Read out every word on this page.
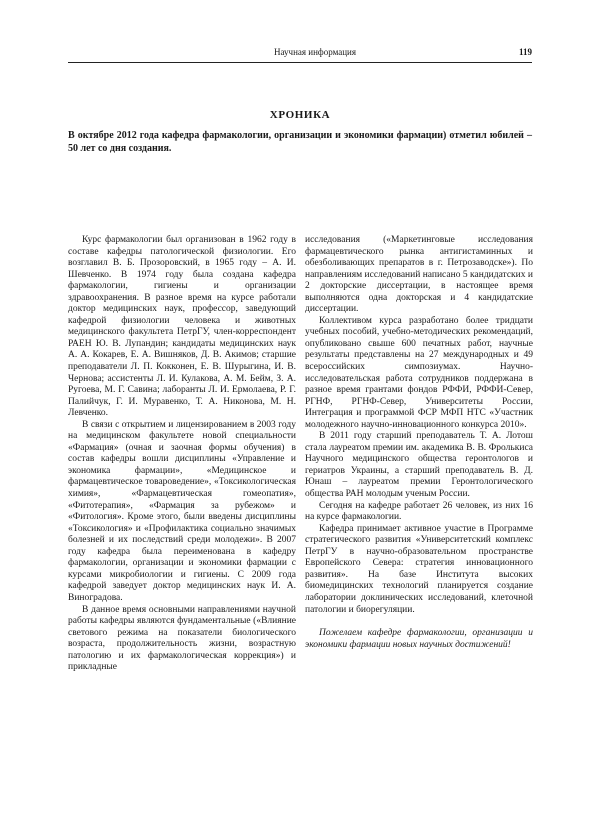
Научная информация	119
ХРОНИКА
В октябре 2012 года кафедра фармакологии, организации и экономики фармации) отметил юбилей – 50 лет со дня создания.

Курс фармакологии был организован в 1962 году в составе кафедры патологической физиологии. Его возглавил В. Б. Прозоровский, в 1965 году – А. И. Шевченко. В 1974 году была создана кафедра фармакологии, гигиены и организации здравоохранения. В разное время на курсе работали доктор медицинских наук, профессор, заведующий кафедрой физиологии человека и животных медицинского факультета ПетрГУ, член-корреспондент РАЕН Ю. В. Лупандин; кандидаты медицинских наук А. А. Кокарев, Е. А. Вишняков, Д. В. Акимов; старшие преподаватели Л. П. Кокконен, Е. В. Шурыгина, И. В. Чернова; ассистенты Л. И. Кулакова, А. М. Бейм, З. А. Ругоева, М. Г. Савина; лаборанты Л. И. Ермолаева, Р. Г. Палийчук, Г. И. Муравенко, Т. А. Никонова, М. Н. Левченко.

В связи с открытием и лицензированием в 2003 году на медицинском факультете новой специальности «Фармация» (очная и заочная формы обучения) в состав кафедры вошли дисциплины «Управление и экономика фармации», «Медицинское и фармацевтическое товароведение», «Токсикологическая химия», «Фармацевтическая гомеопатия», «Фитотерапия», «Фармация за рубежом» и «Фитология». Кроме этого, были введены дисциплины «Токсикология» и «Профилактика социально значимых болезней и их последствий среди молодежи». В 2007 году кафедра была переименована в кафедру фармакологии, организации и экономики фармации с курсами микробиологии и гигиены. С 2009 года кафедрой заведует доктор медицинских наук И. А. Виноградова.

В данное время основными направлениями научной работы кафедры являются фундаментальные («Влияние светового режима на показатели биологического возраста, продолжительность жизни, возрастную патологию и их фармакологическая коррекция») и прикладные

исследования («Маркетинговые исследования фармацевтического рынка антигистаминных и обезболивающих препаратов в г. Петрозаводске»). По направлениям исследований написано 5 кандидатских и 2 докторские диссертации, в настоящее время выполняются одна докторская и 4 кандидатские диссертации.

Коллективом курса разработано более тридцати учебных пособий, учебно-методических рекомендаций, опубликовано свыше 600 печатных работ, научные результаты представлены на 27 международных и 49 всероссийских симпозиумах. Научно-исследовательская работа сотрудников поддержана в разное время грантами фондов РФФИ, РФФИ-Север, РГНФ, РГНФ-Север, Университеты России, Интеграция и программой ФСР МФП НТС «Участник молодежного научно-инновационного конкурса 2010».

В 2011 году старший преподаватель Т. А. Лотош стала лауреатом премии им. академика В. В. Фролькиса Научного медицинского общества геронтологов и гериатров Украины, а старший преподаватель В. Д. Юнаш – лауреатом премии Геронтологического общества РАН молодым ученым России.

Сегодня на кафедре работает 26 человек, из них 16 на курсе фармакологии.

Кафедра принимает активное участие в Программе стратегического развития «Университетский комплекс ПетрГУ в научно-образовательном пространстве Европейского Севера: стратегия инновационного развития». На базе Института высоких биомедицинских технологий планируется создание лаборатории доклинических исследований, клеточной патологии и биорегуляции.

Пожелаем кафедре фармакологии, организации и экономики фармации новых научных достижений!
